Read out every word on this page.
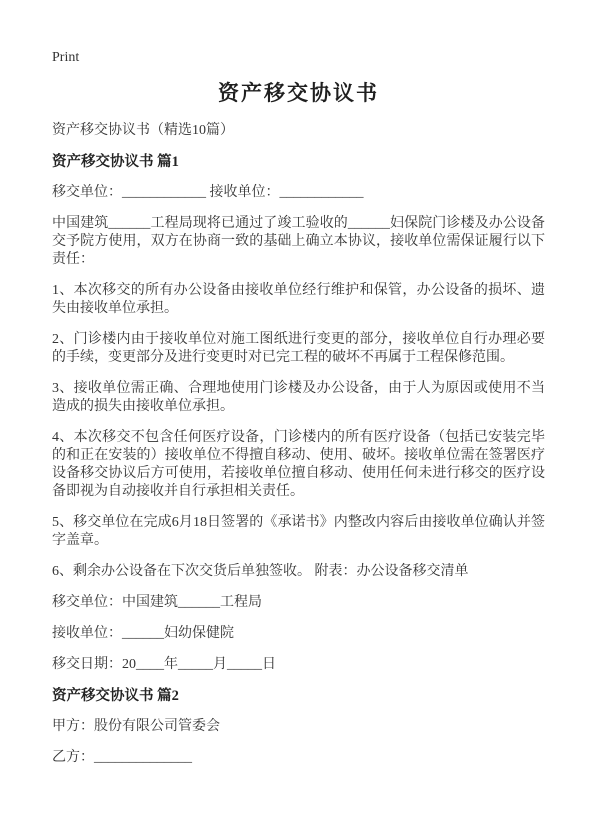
Print
资产移交协议书

资产移交协议书（精选10篇）

资产移交协议书 篇1

移交单位：____________ 接收单位：____________

中国建筑______工程局现将已通过了竣工验收的______妇保院门诊楼及办公设备交予院方使用，双方在协商一致的基础上确立本协议，接收单位需保证履行以下责任：

1、本次移交的所有办公设备由接收单位经行维护和保管，办公设备的损坏、遗失由接收单位承担。

2、门诊楼内由于接收单位对施工图纸进行变更的部分，接收单位自行办理必要的手续，变更部分及进行变更时对已完工程的破坏不再属于工程保修范围。

3、接收单位需正确、合理地使用门诊楼及办公设备，由于人为原因或使用不当造成的损失由接收单位承担。

4、本次移交不包含任何医疗设备，门诊楼内的所有医疗设备（包括已安装完毕的和正在安装的）接收单位不得擅自移动、使用、破坏。接收单位需在签署医疗设备移交协议后方可使用，若接收单位擅自移动、使用任何未进行移交的医疗设备即视为自动接收并自行承担相关责任。

5、移交单位在完成6月18日签署的《承诺书》内整改内容后由接收单位确认并签字盖章。

6、剩余办公设备在下次交货后单独签收。 附表：办公设备移交清单

移交单位：中国建筑______工程局

接收单位：______妇幼保健院

移交日期：20____年_____月_____日

资产移交协议书 篇2

甲方：股份有限公司管委会

乙方：______________
